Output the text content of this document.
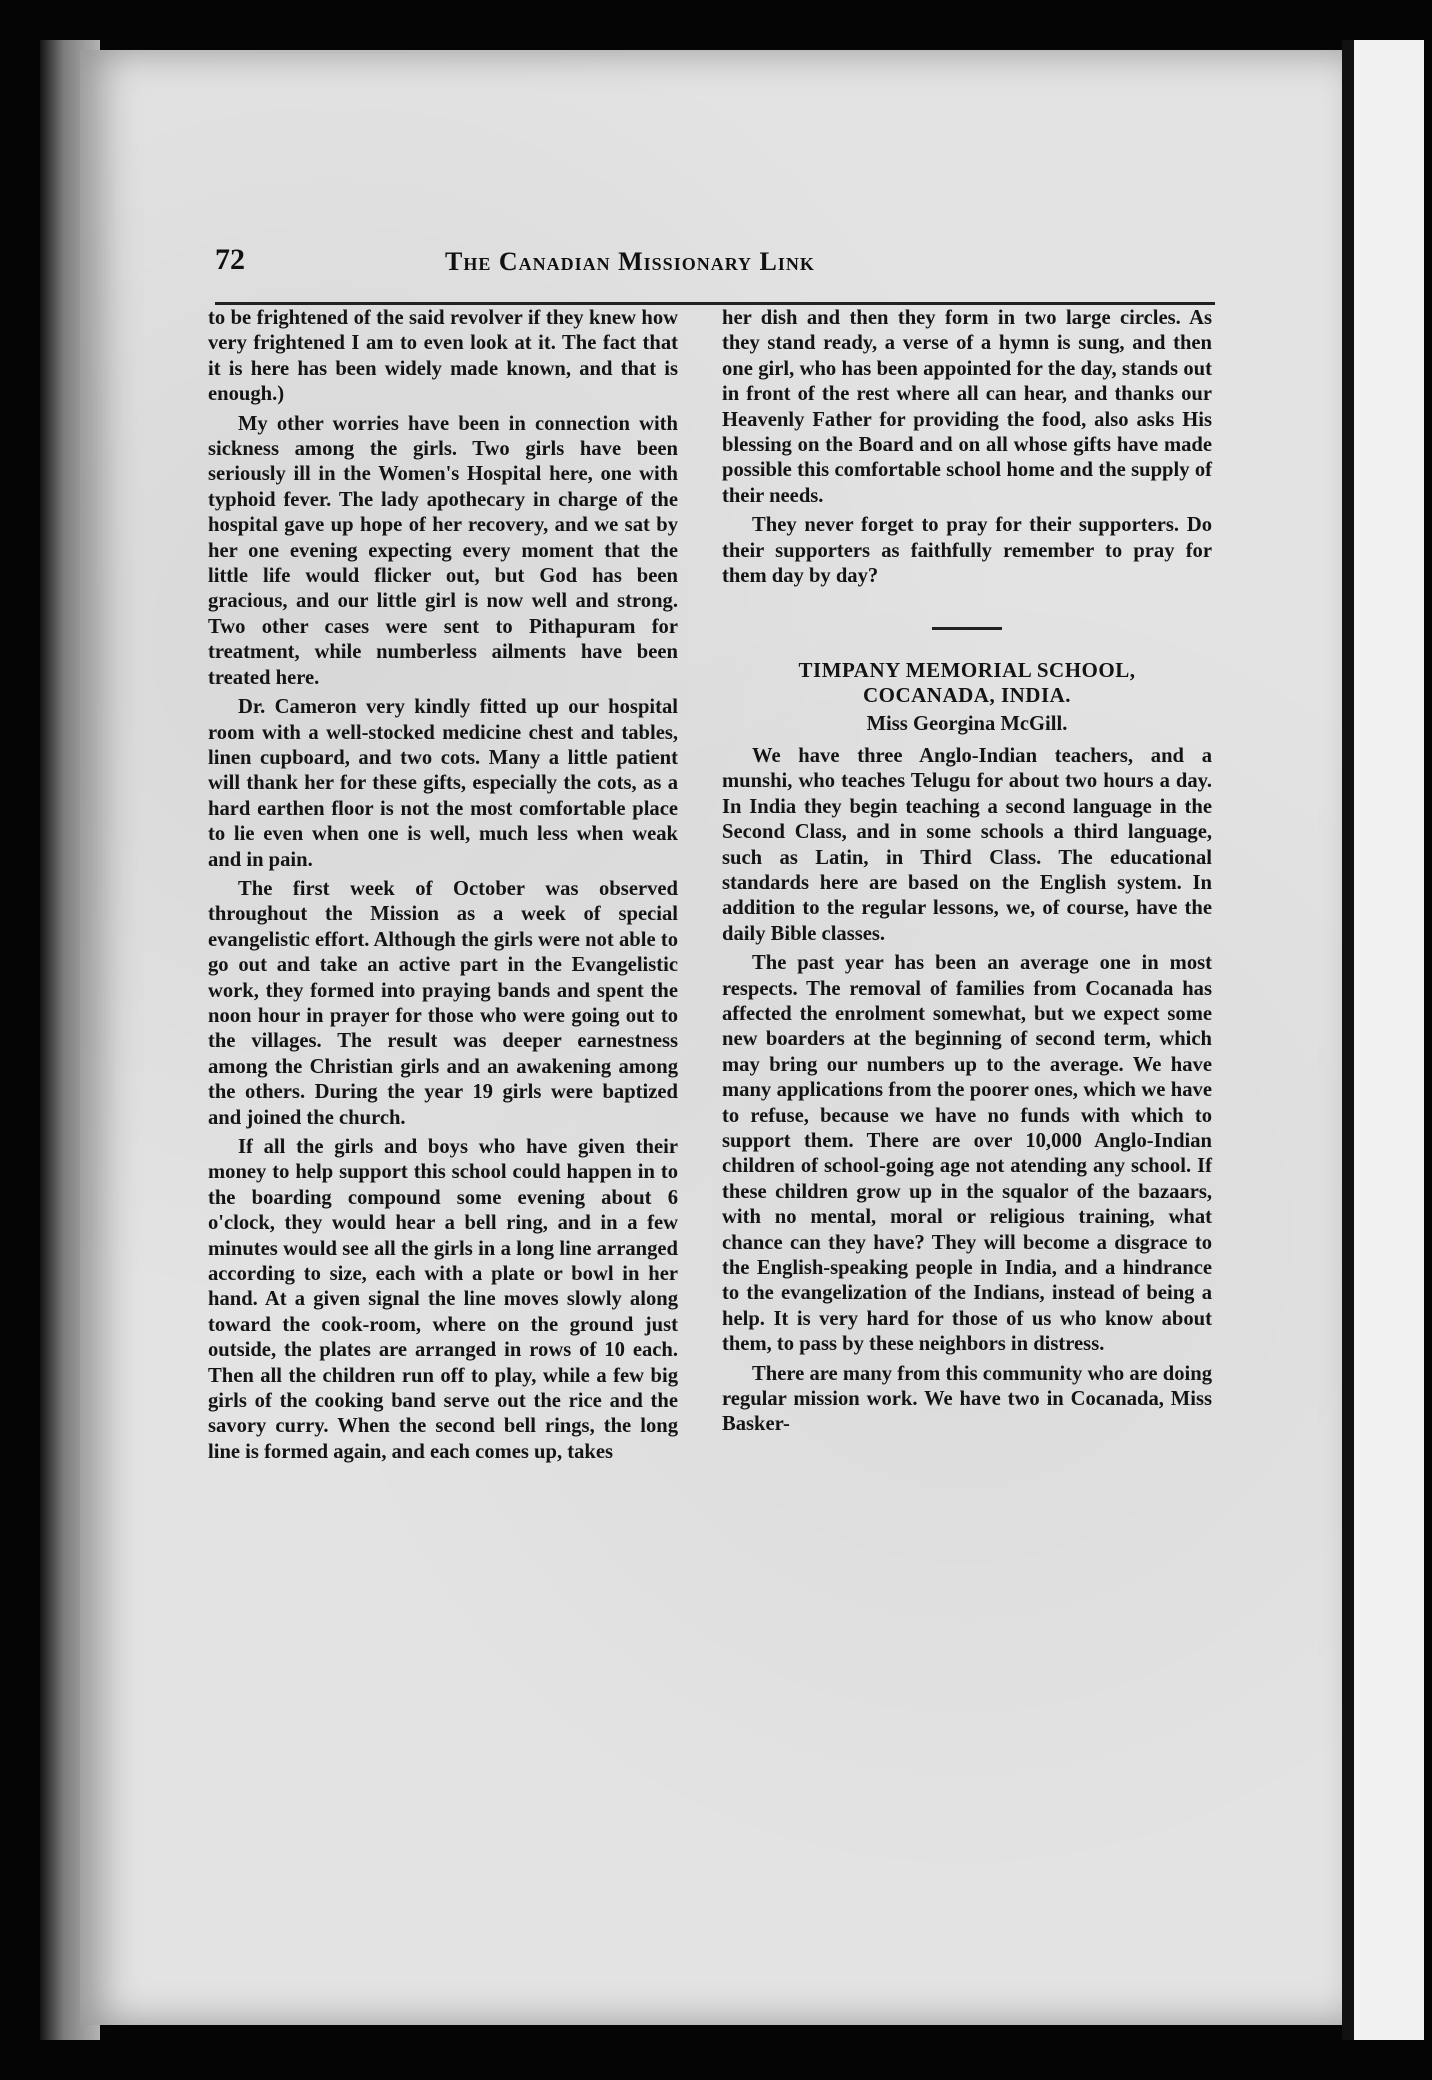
72	The Canadian Missionary Link

to be frightened of the said revolver if they knew how very frightened I am to even look at it. The fact that it is here has been widely made known, and that is enough.)

My other worries have been in connection with sickness among the girls. Two girls have been seriously ill in the Women's Hospital here, one with typhoid fever. The lady apothecary in charge of the hospital gave up hope of her recovery, and we sat by her one evening expecting every moment that the little life would flicker out, but God has been gracious, and our little girl is now well and strong. Two other cases were sent to Pithapuram for treatment, while numberless ailments have been treated here.

Dr. Cameron very kindly fitted up our hospital room with a well-stocked medicine chest and tables, linen cupboard, and two cots. Many a little patient will thank her for these gifts, especially the cots, as a hard earthen floor is not the most comfortable place to lie even when one is well, much less when weak and in pain.

The first week of October was observed throughout the Mission as a week of special evangelistic effort. Although the girls were not able to go out and take an active part in the Evangelistic work, they formed into praying bands and spent the noon hour in prayer for those who were going out to the villages. The result was deeper earnestness among the Christian girls and an awakening among the others. During the year 19 girls were baptized and joined the church.

If all the girls and boys who have given their money to help support this school could happen in to the boarding compound some evening about 6 o'clock, they would hear a bell ring, and in a few minutes would see all the girls in a long line arranged according to size, each with a plate or bowl in her hand. At a given signal the line moves slowly along toward the cook-room, where on the ground just outside, the plates are arranged in rows of 10 each. Then all the children run off to play, while a few big girls of the cooking band serve out the rice and the savory curry. When the second bell rings, the long line is formed again, and each comes up, takes

her dish and then they form in two large circles. As they stand ready, a verse of a hymn is sung, and then one girl, who has been appointed for the day, stands out in front of the rest where all can hear, and thanks our Heavenly Father for providing the food, also asks His blessing on the Board and on all whose gifts have made possible this comfortable school home and the supply of their needs.

They never forget to pray for their supporters. Do their supporters as faithfully remember to pray for them day by day?

TIMPANY MEMORIAL SCHOOL,
COCANADA, INDIA.
Miss Georgina McGill.

We have three Anglo-Indian teachers, and a munshi, who teaches Telugu for about two hours a day. In India they begin teaching a second language in the Second Class, and in some schools a third language, such as Latin, in Third Class. The educational standards here are based on the English system. In addition to the regular lessons, we, of course, have the daily Bible classes.

The past year has been an average one in most respects. The removal of families from Cocanada has affected the enrolment somewhat, but we expect some new boarders at the beginning of second term, which may bring our numbers up to the average. We have many applications from the poorer ones, which we have to refuse, because we have no funds with which to support them. There are over 10,000 Anglo-Indian children of school-going age not atending any school. If these children grow up in the squalor of the bazaars, with no mental, moral or religious training, what chance can they have? They will become a disgrace to the English-speaking people in India, and a hindrance to the evangelization of the Indians, instead of being a help. It is very hard for those of us who know about them, to pass by these neighbors in distress.

There are many from this community who are doing regular mission work. We have two in Cocanada, Miss Basker-
